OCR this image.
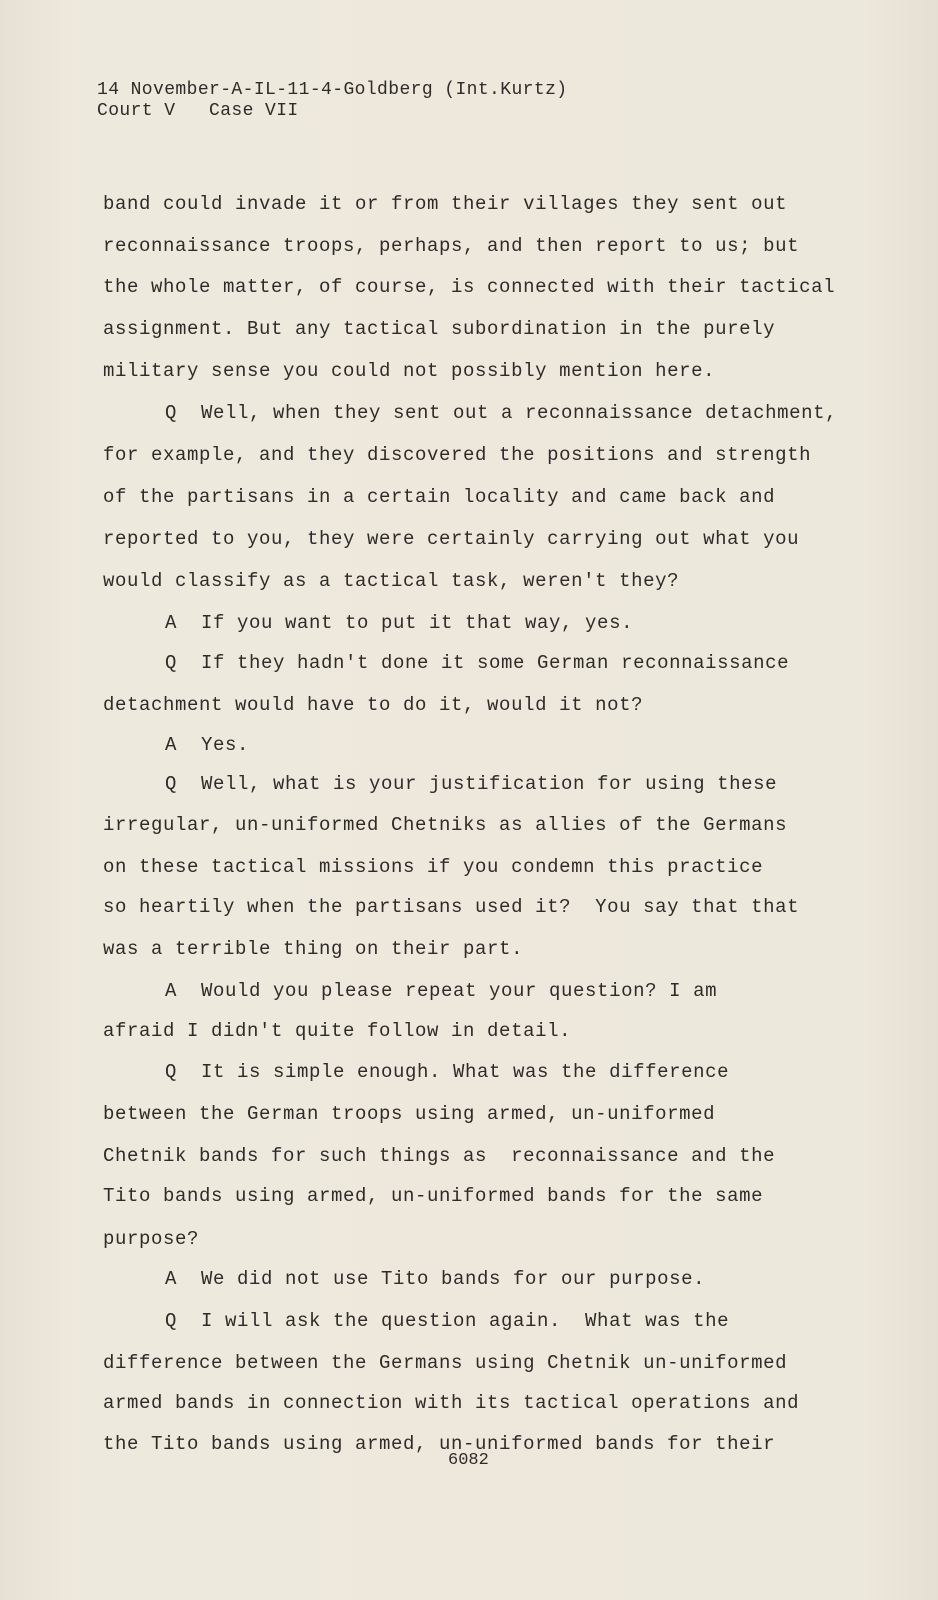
14 November-A-IL-11-4-Goldberg (Int.Kurtz)
Court V   Case VII
band could invade it or from their villages they sent out
reconnaissance troops, perhaps, and then report to us; but
the whole matter, of course, is connected with their tactical
assignment. But any tactical subordination in the purely
military sense you could not possibly mention here.
Q Well, when they sent out a reconnaissance detachment,
for example, and they discovered the positions and strength
of the partisans in a certain locality and came back and
reported to you, they were certainly carrying out what you
would classify as a tactical task, weren't they?
A If you want to put it that way, yes.
Q If they hadn't done it some German reconnaissance
detachment would have to do it, would it not?
A Yes.
Q Well, what is your justification for using these
irregular, un-uniformed Chetniks as allies of the Germans
on these tactical missions if you condemn this practice
so heartily when the partisans used it?  You say that that
was a terrible thing on their part.
A Would you please repeat your question? I am
afraid I didn't quite follow in detail.
Q It is simple enough. What was the difference
between the German troops using armed, un-uniformed
Chetnik bands for such things as  reconnaissance and the
Tito bands using armed, un-uniformed bands for the same
purpose?
A We did not use Tito bands for our purpose.
Q I will ask the question again.  What was the
difference between the Germans using Chetnik un-uniformed
armed bands in connection with its tactical operations and
the Tito bands using armed, un-uniformed bands for their
6082
